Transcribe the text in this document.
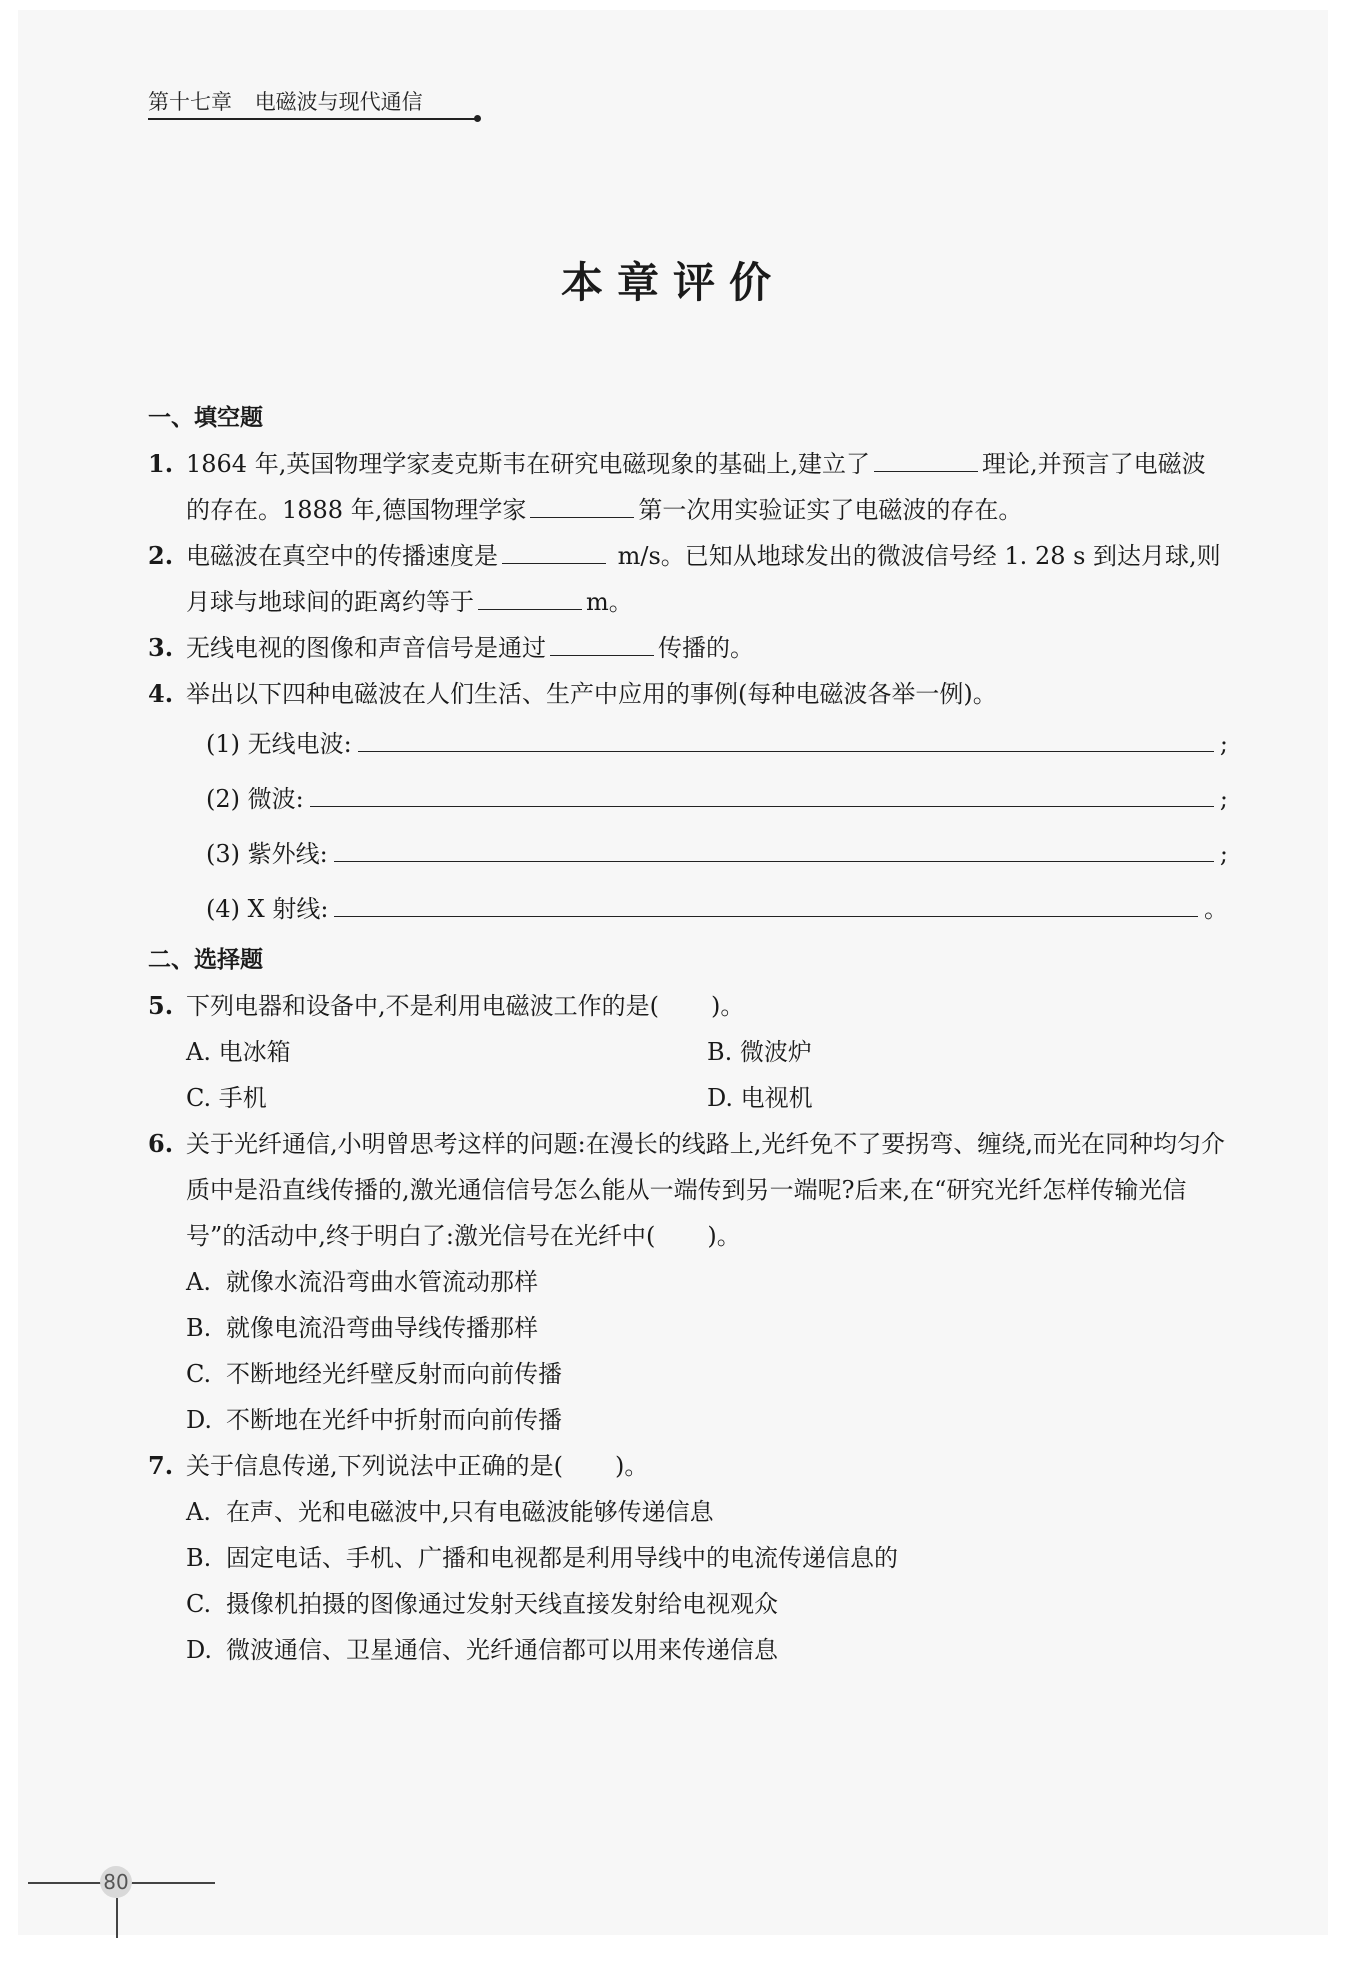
第十七章 电磁波与现代通信
本章评价
一、填空题
1. 1864 年,英国物理学家麦克斯韦在研究电磁现象的基础上,建立了	理论,并预言了电磁波的存在。1888 年,德国物理学家	第一次用实验证实了电磁波的存在。
2. 电磁波在真空中的传播速度是	m/s。已知从地球发出的微波信号经 1. 28 s 到达月球,则月球与地球间的距离约等于	m。
3. 无线电视的图像和声音信号是通过	传播的。
4. 举出以下四种电磁波在人们生活、生产中应用的事例(每种电磁波各举一例)。
(1) 无线电波:	;
(2) 微波:	;
(3) 紫外线:	;
(4) X 射线:	。
二、选择题
5. 下列电器和设备中,不是利用电磁波工作的是( )。
A. 电冰箱	B. 微波炉
C. 手机	D. 电视机
6. 关于光纤通信,小明曾思考这样的问题:在漫长的线路上,光纤免不了要拐弯、缠绕,而光在同种均匀介质中是沿直线传播的,激光通信信号怎么能从一端传到另一端呢?后来,在“研究光纤怎样传输光信号”的活动中,终于明白了:激光信号在光纤中( )。
A. 就像水流沿弯曲水管流动那样
B. 就像电流沿弯曲导线传播那样
C. 不断地经光纤壁反射而向前传播
D. 不断地在光纤中折射而向前传播
7. 关于信息传递,下列说法中正确的是( )。
A. 在声、光和电磁波中,只有电磁波能够传递信息
B. 固定电话、手机、广播和电视都是利用导线中的电流传递信息的
C. 摄像机拍摄的图像通过发射天线直接发射给电视观众
D. 微波通信、卫星通信、光纤通信都可以用来传递信息
80
